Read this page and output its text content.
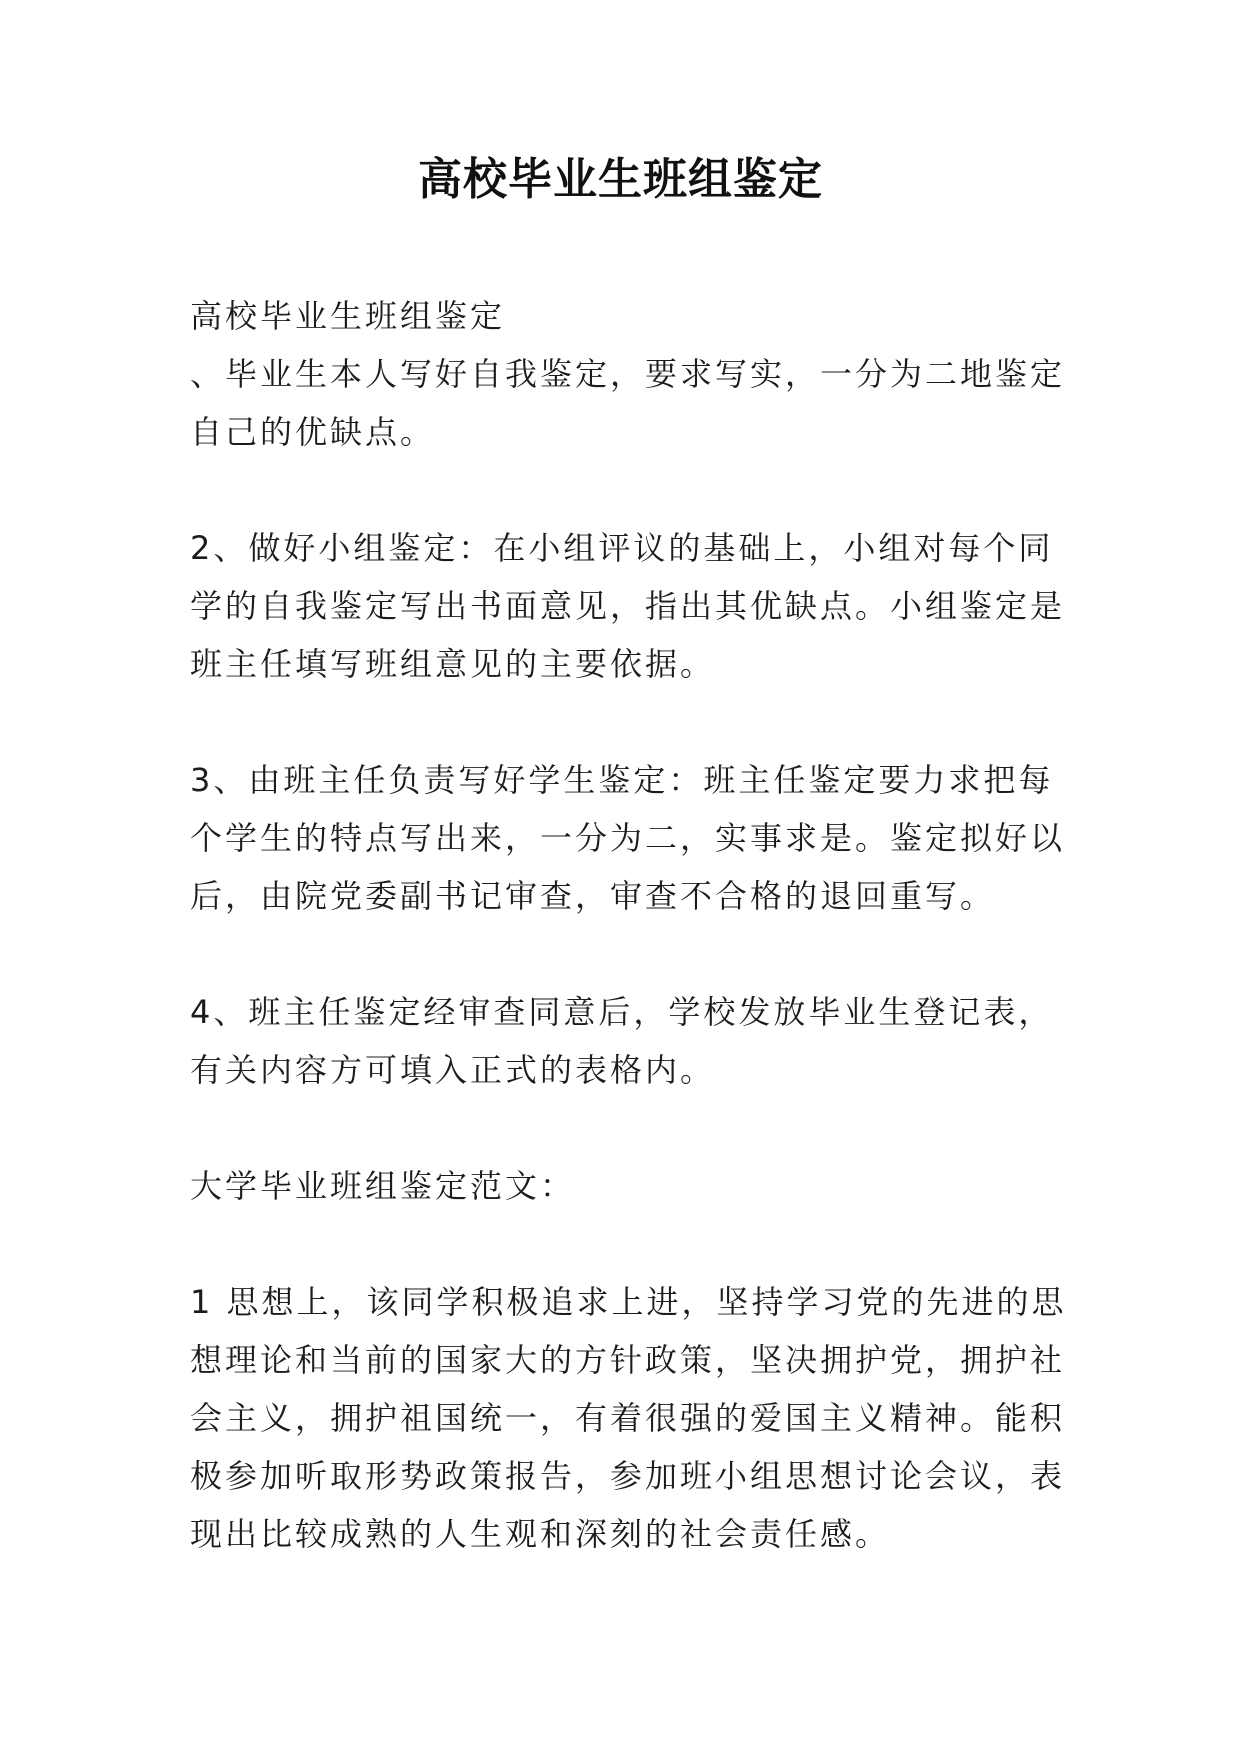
高校毕业生班组鉴定

高校毕业生班组鉴定

、毕业生本人写好自我鉴定，要求写实，一分为二地鉴定自己的优缺点。

2、做好小组鉴定：在小组评议的基础上，小组对每个同学的自我鉴定写出书面意见，指出其优缺点。小组鉴定是班主任填写班组意见的主要依据。

3、由班主任负责写好学生鉴定：班主任鉴定要力求把每个学生的特点写出来，一分为二，实事求是。鉴定拟好以后，由院党委副书记审查，审查不合格的退回重写。

4、班主任鉴定经审查同意后，学校发放毕业生登记表，有关内容方可填入正式的表格内。

大学毕业班组鉴定范文：

1 思想上，该同学积极追求上进，坚持学习党的先进的思想理论和当前的国家大的方针政策，坚决拥护党，拥护社会主义，拥护祖国统一，有着很强的爱国主义精神。能积极参加听取形势政策报告，参加班小组思想讨论会议，表现出比较成熟的人生观和深刻的社会责任感。
